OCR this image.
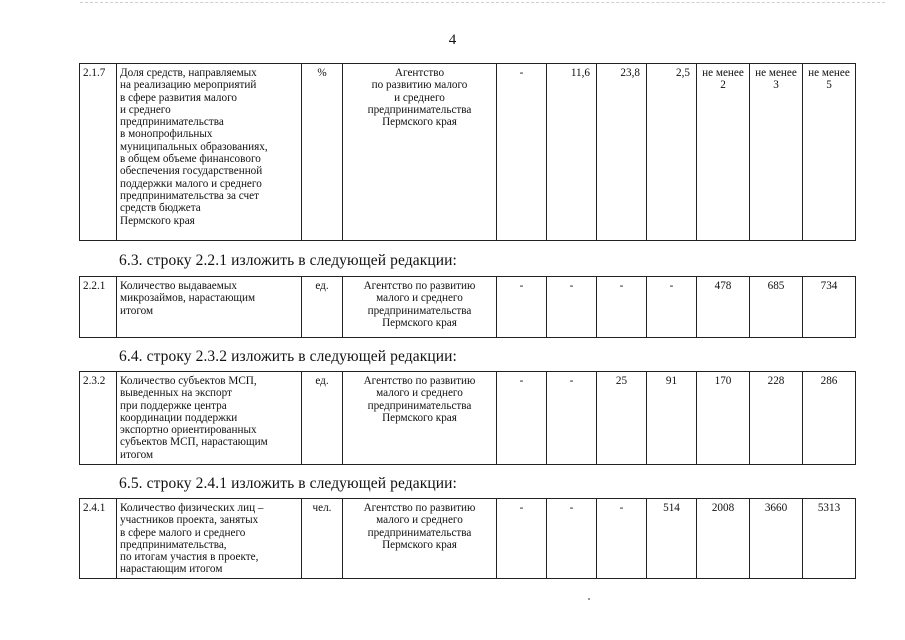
4
2.1.7	Доля средств, направляемых
на реализацию мероприятий
в сфере развития малого
и среднего
предпринимательства
в монопрофильных
муниципальных образованиях,
в общем объеме финансового
обеспечения государственной
поддержки малого и среднего
предпринимательства за счет
средств бюджета
Пермского края
	%	Агентство
по развитию малого
и среднего
предпринимательства
Пермского края
	-	11,6	23,8	2,5	не менее 2	не менее 3	не менее 5
6.3. строку 2.2.1 изложить в следующей редакции:
2.2.1	Количество выдаваемых
микрозаймов, нарастающим
итогом
	ед.	Агентство по развитию
малого и среднего
предпринимательства
Пермского края
	-	-	-	-	478	685	734
6.4. строку 2.3.2 изложить в следующей редакции:
2.3.2	Количество субъектов МСП,
выведенных на экспорт
при поддержке центра
координации поддержки
экспортно ориентированных
субъектов МСП, нарастающим
итогом
	ед.	Агентство по развитию
малого и среднего
предпринимательства
Пермского края
	-	-	25	91	170	228	286
6.5. строку 2.4.1 изложить в следующей редакции:
2.4.1	Количество физических лиц –
участников проекта, занятых
в сфере малого и среднего
предпринимательства,
по итогам участия в проекте,
нарастающим итогом
	чел.	Агентство по развитию
малого и среднего
предпринимательства
Пермского края
	-	-	-	514	2008	3660	5313
